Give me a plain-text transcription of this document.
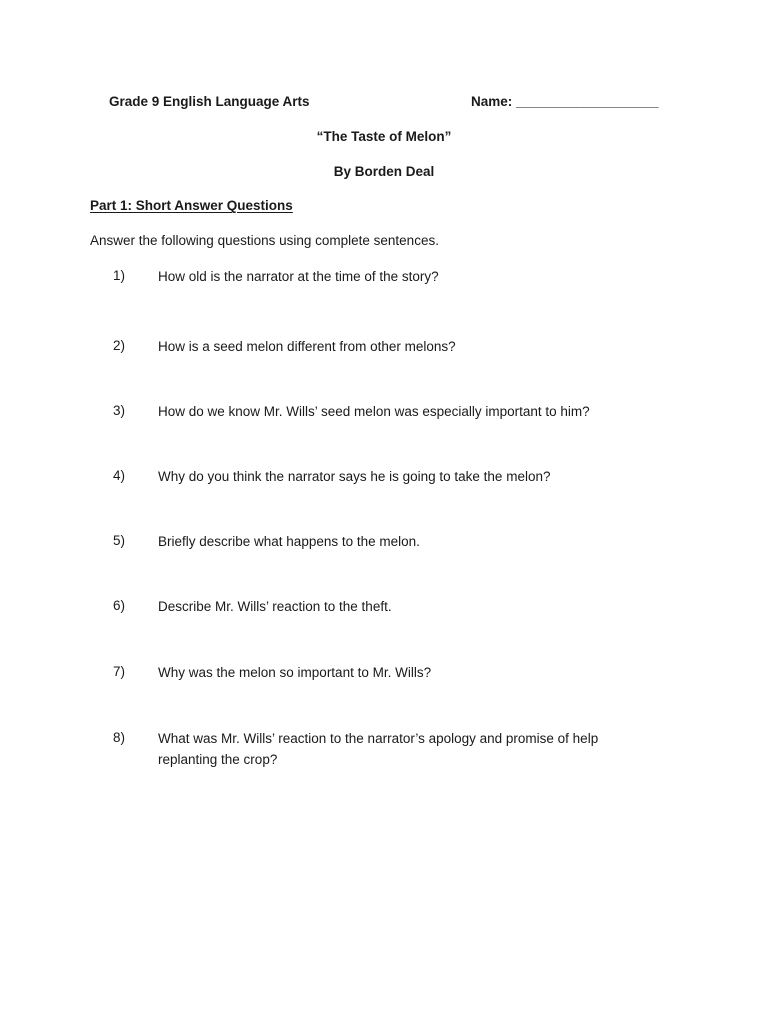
Grade 9 English Language Arts	Name: ___________________
“The Taste of Melon”
By Borden Deal
Part 1: Short Answer Questions
Answer the following questions using complete sentences.
1) How old is the narrator at the time of the story?
2) How is a seed melon different from other melons?
3) How do we know Mr. Wills’ seed melon was especially important to him?
4) Why do you think the narrator says he is going to take the melon?
5) Briefly describe what happens to the melon.
6) Describe Mr. Wills’ reaction to the theft.
7) Why was the melon so important to Mr. Wills?
8) What was Mr. Wills’ reaction to the narrator’s apology and promise of help replanting the crop?
